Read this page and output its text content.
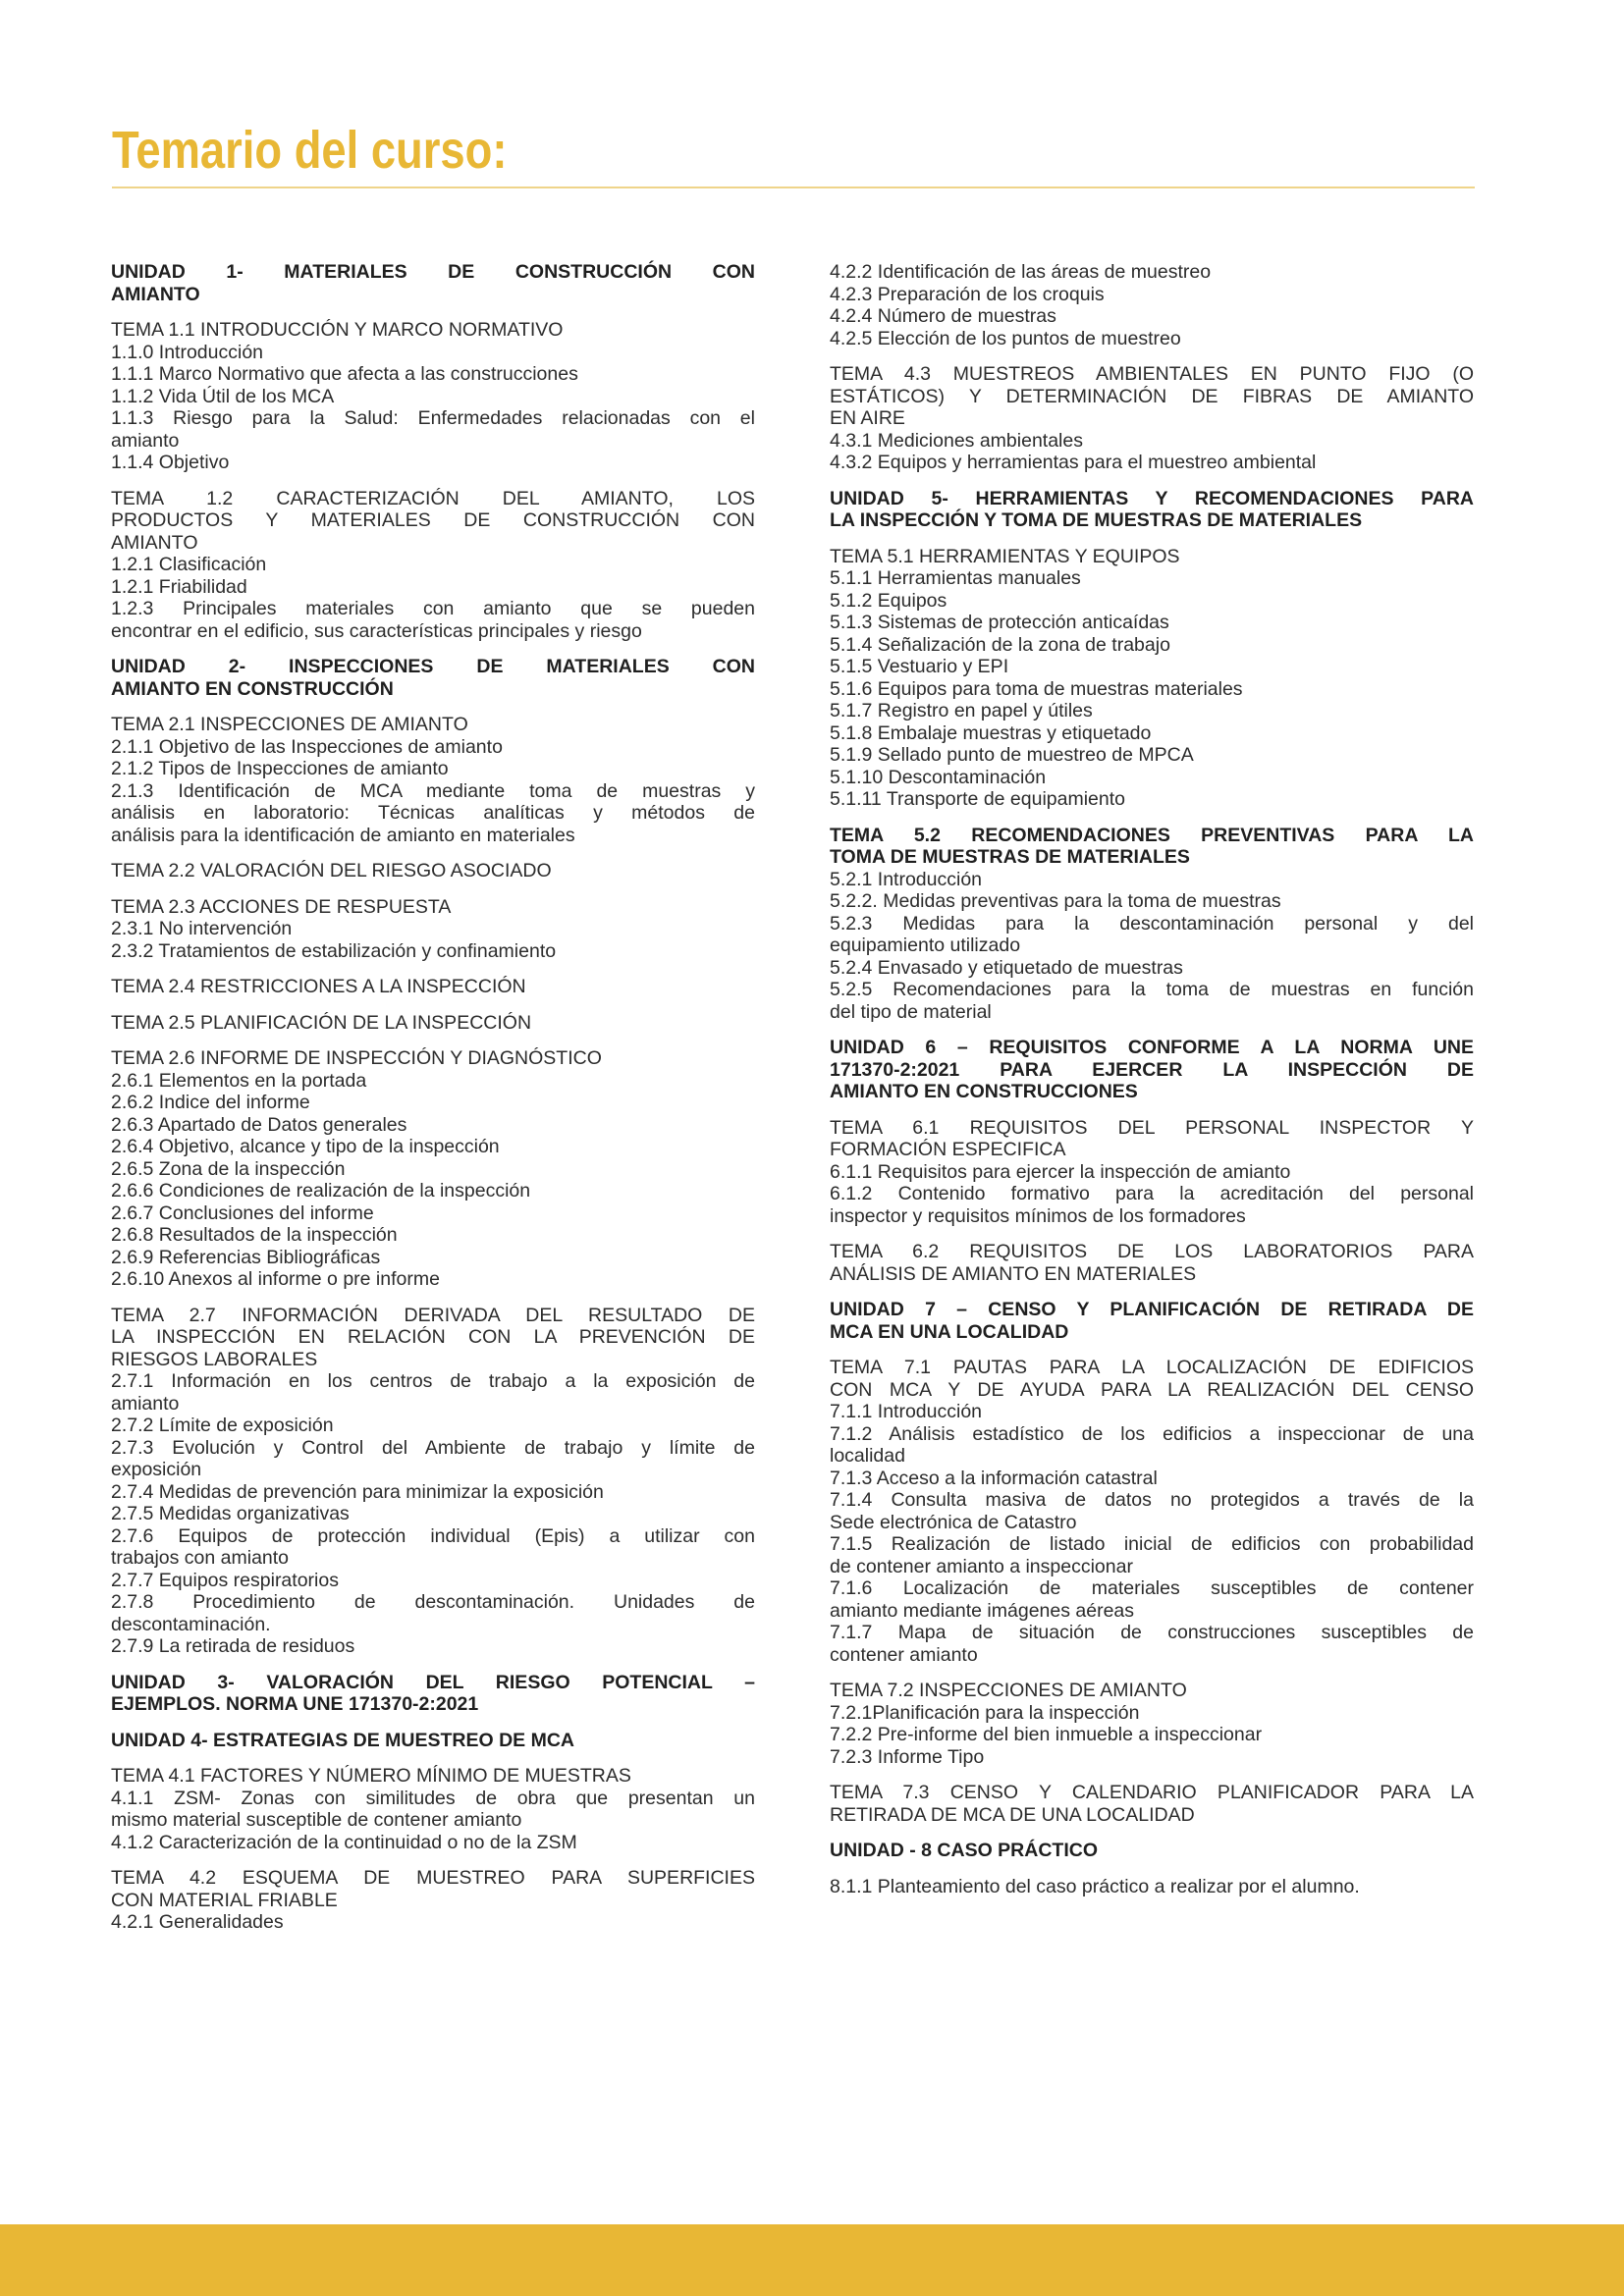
Temario del curso:
UNIDAD 1- MATERIALES DE CONSTRUCCIÓN CON
AMIANTO
TEMA 1.1 INTRODUCCIÓN Y MARCO NORMATIVO
1.1.0 Introducción
1.1.1 Marco Normativo que afecta a las construcciones
1.1.2 Vida Útil de los MCA
1.1.3 Riesgo para la Salud: Enfermedades relacionadas con el
amianto
1.1.4 Objetivo
TEMA 1.2 CARACTERIZACIÓN DEL AMIANTO, LOS
PRODUCTOS Y MATERIALES DE CONSTRUCCIÓN CON
AMIANTO
1.2.1 Clasificación
1.2.1 Friabilidad
1.2.3 Principales materiales con amianto que se pueden
encontrar en el edificio, sus características principales y riesgo
UNIDAD 2- INSPECCIONES DE MATERIALES CON
AMIANTO EN CONSTRUCCIÓN
TEMA 2.1 INSPECCIONES DE AMIANTO
2.1.1 Objetivo de las Inspecciones de amianto
2.1.2 Tipos de Inspecciones de amianto
2.1.3 Identificación de MCA mediante toma de muestras y
análisis en laboratorio: Técnicas analíticas y métodos de
análisis para la identificación de amianto en materiales
TEMA 2.2 VALORACIÓN DEL RIESGO ASOCIADO
TEMA 2.3 ACCIONES DE RESPUESTA
2.3.1 No intervención
2.3.2 Tratamientos de estabilización y confinamiento
TEMA 2.4 RESTRICCIONES A LA INSPECCIÓN
TEMA 2.5 PLANIFICACIÓN DE LA INSPECCIÓN
TEMA 2.6 INFORME DE INSPECCIÓN Y DIAGNÓSTICO
2.6.1 Elementos en la portada
2.6.2 Indice del informe
2.6.3 Apartado de Datos generales
2.6.4 Objetivo, alcance y tipo de la inspección
2.6.5 Zona de la inspección
2.6.6 Condiciones de realización de la inspección
2.6.7 Conclusiones del informe
2.6.8 Resultados de la inspección
2.6.9 Referencias Bibliográficas
2.6.10 Anexos al informe o pre informe
TEMA 2.7 INFORMACIÓN DERIVADA DEL RESULTADO DE
LA INSPECCIÓN EN RELACIÓN CON LA PREVENCIÓN DE
RIESGOS LABORALES
2.7.1 Información en los centros de trabajo a la exposición de
amianto
2.7.2 Límite de exposición
2.7.3 Evolución y Control del Ambiente de trabajo y límite de
exposición
2.7.4 Medidas de prevención para minimizar la exposición
2.7.5 Medidas organizativas
2.7.6 Equipos de protección individual (Epis) a utilizar con
trabajos con amianto
2.7.7 Equipos respiratorios
2.7.8 Procedimiento de descontaminación. Unidades de
descontaminación.
2.7.9 La retirada de residuos
UNIDAD 3- VALORACIÓN DEL RIESGO POTENCIAL –
EJEMPLOS. NORMA UNE 171370-2:2021
UNIDAD 4- ESTRATEGIAS DE MUESTREO DE MCA
TEMA 4.1 FACTORES Y NÚMERO MÍNIMO DE MUESTRAS
4.1.1 ZSM- Zonas con similitudes de obra que presentan un
mismo material susceptible de contener amianto
4.1.2 Caracterización de la continuidad o no de la ZSM
TEMA 4.2 ESQUEMA DE MUESTREO PARA SUPERFICIES
CON MATERIAL FRIABLE
4.2.1 Generalidades
4.2.2 Identificación de las áreas de muestreo
4.2.3 Preparación de los croquis
4.2.4 Número de muestras
4.2.5 Elección de los puntos de muestreo
TEMA 4.3 MUESTREOS AMBIENTALES EN PUNTO FIJO (O
ESTÁTICOS) Y DETERMINACIÓN DE FIBRAS DE AMIANTO
EN AIRE
4.3.1 Mediciones ambientales
4.3.2 Equipos y herramientas para el muestreo ambiental
UNIDAD 5- HERRAMIENTAS Y RECOMENDACIONES PARA
LA INSPECCIÓN Y TOMA DE MUESTRAS DE MATERIALES
TEMA 5.1 HERRAMIENTAS Y EQUIPOS
5.1.1 Herramientas manuales
5.1.2 Equipos
5.1.3 Sistemas de protección anticaídas
5.1.4 Señalización de la zona de trabajo
5.1.5 Vestuario y EPI
5.1.6 Equipos para toma de muestras materiales
5.1.7 Registro en papel y útiles
5.1.8 Embalaje muestras y etiquetado
5.1.9 Sellado punto de muestreo de MPCA
5.1.10 Descontaminación
5.1.11 Transporte de equipamiento
TEMA 5.2 RECOMENDACIONES PREVENTIVAS PARA LA
TOMA DE MUESTRAS DE MATERIALES
5.2.1 Introducción
5.2.2. Medidas preventivas para la toma de muestras
5.2.3 Medidas para la descontaminación personal y del
equipamiento utilizado
5.2.4 Envasado y etiquetado de muestras
5.2.5 Recomendaciones para la toma de muestras en función
del tipo de material
UNIDAD 6 – REQUISITOS CONFORME A LA NORMA UNE
171370-2:2021 PARA EJERCER LA INSPECCIÓN DE
AMIANTO EN CONSTRUCCIONES
TEMA 6.1 REQUISITOS DEL PERSONAL INSPECTOR Y
FORMACIÓN ESPECIFICA
6.1.1 Requisitos para ejercer la inspección de amianto
6.1.2 Contenido formativo para la acreditación del personal
inspector y requisitos mínimos de los formadores
TEMA 6.2 REQUISITOS DE LOS LABORATORIOS PARA
ANÁLISIS DE AMIANTO EN MATERIALES
UNIDAD 7 – CENSO Y PLANIFICACIÓN DE RETIRADA DE
MCA EN UNA LOCALIDAD
TEMA 7.1 PAUTAS PARA LA LOCALIZACIÓN DE EDIFICIOS
CON MCA Y DE AYUDA PARA LA REALIZACIÓN DEL CENSO
7.1.1 Introducción
7.1.2 Análisis estadístico de los edificios a inspeccionar de una
localidad
7.1.3 Acceso a la información catastral
7.1.4 Consulta masiva de datos no protegidos a través de la
Sede electrónica de Catastro
7.1.5 Realización de listado inicial de edificios con probabilidad
de contener amianto a inspeccionar
7.1.6 Localización de materiales susceptibles de contener
amianto mediante imágenes aéreas
7.1.7 Mapa de situación de construcciones susceptibles de
contener amianto
TEMA 7.2 INSPECCIONES DE AMIANTO
7.2.1Planificación para la inspección
7.2.2 Pre-informe del bien inmueble a inspeccionar
7.2.3 Informe Tipo
TEMA 7.3 CENSO Y CALENDARIO PLANIFICADOR PARA LA
RETIRADA DE MCA DE UNA LOCALIDAD
UNIDAD - 8 CASO PRÁCTICO
8.1.1 Planteamiento del caso práctico a realizar por el alumno.
